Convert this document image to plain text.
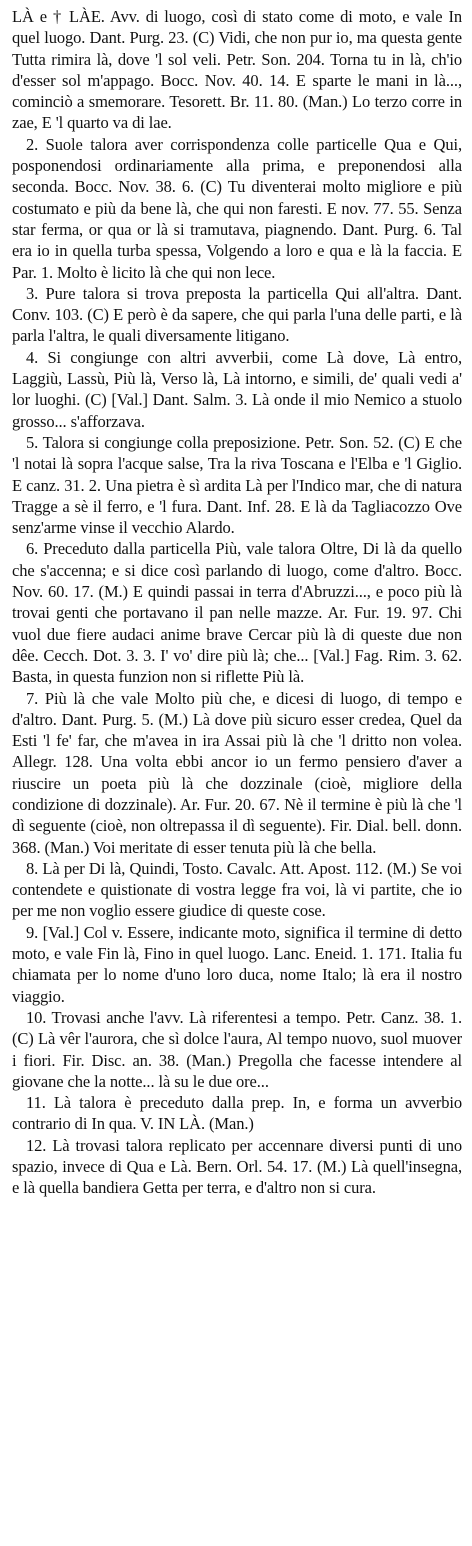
LÀ e † LÀE. Avv. di luogo, così di stato come di moto, e vale In quel luogo. Dant. Purg. 23. (C) Vidi, che non pur io, ma questa gente Tutta rimira là, dove 'l sol veli. Petr. Son. 204. Torna tu in là, ch'io d'esser sol m'appago. Bocc. Nov. 40. 14. E sparte le mani in là..., cominciò a smemorare. Tesorett. Br. 11. 80. (Man.) Lo terzo corre in zae, E 'l quarto va di lae.

2. Suole talora aver corrispondenza colle particelle Qua e Qui, posponendosi ordinariamente alla prima, e preponendosi alla seconda. Bocc. Nov. 38. 6. (C) Tu diventerai molto migliore e più costumato e più da bene là, che qui non faresti. E nov. 77. 55. Senza star ferma, or qua or là si tramutava, piagnendo. Dant. Purg. 6. Tal era io in quella turba spessa, Volgendo a loro e qua e là la faccia. E Par. 1. Molto è licito là che qui non lece.

3. Pure talora si trova preposta la particella Qui all'altra. Dant. Conv. 103. (C) E però è da sapere, che qui parla l'una delle parti, e là parla l'altra, le quali diversamente litigano.

4. Si congiunge con altri avverbii, come Là dove, Là entro, Laggiù, Lassù, Più là, Verso là, Là intorno, e simili, de' quali vedi a' lor luoghi. (C) [Val.] Dant. Salm. 3. Là onde il mio Nemico a stuolo grosso... s'afforzava.

5. Talora si congiunge colla preposizione. Petr. Son. 52. (C) E che 'l notai là sopra l'acque salse, Tra la riva Toscana e l'Elba e 'l Giglio. E canz. 31. 2. Una pietra è sì ardita Là per l'Indico mar, che di natura Tragge a sè il ferro, e 'l fura. Dant. Inf. 28. E là da Tagliacozzo Ove senz'arme vinse il vecchio Alardo.

6. Preceduto dalla particella Più, vale talora Oltre, Di là da quello che s'accenna; e si dice così parlando di luogo, come d'altro. Bocc. Nov. 60. 17. (M.) E quindi passai in terra d'Abruzzi..., e poco più là trovai genti che portavano il pan nelle mazze. Ar. Fur. 19. 97. Chi vuol due fiere audaci anime brave Cercar più là di queste due non dêe. Cecch. Dot. 3. 3. I' vo' dire più là; che... [Val.] Fag. Rim. 3. 62. Basta, in questa funzion non si riflette Più là.

7. Più là che vale Molto più che, e dicesi di luogo, di tempo e d'altro. Dant. Purg. 5. (M.) Là dove più sicuro esser credea, Quel da Esti 'l fe' far, che m'avea in ira Assai più là che 'l dritto non volea. Allegr. 128. Una volta ebbi ancor io un fermo pensiero d'aver a riuscire un poeta più là che dozzinale (cioè, migliore della condizione di dozzinale). Ar. Fur. 20. 67. Nè il termine è più là che 'l dì seguente (cioè, non oltrepassa il dì seguente). Fir. Dial. bell. donn. 368. (Man.) Voi meritate di esser tenuta più là che bella.

8. Là per Di là, Quindi, Tosto. Cavalc. Att. Apost. 112. (M.) Se voi contendete e quistionate di vostra legge fra voi, là vi partite, che io per me non voglio essere giudice di queste cose.

9. [Val.] Col v. Essere, indicante moto, significa il termine di detto moto, e vale Fin là, Fino in quel luogo. Lanc. Eneid. 1. 171. Italia fu chiamata per lo nome d'uno loro duca, nome Italo; là era il nostro viaggio.

10. Trovasi anche l'avv. Là riferentesi a tempo. Petr. Canz. 38. 1. (C) Là vêr l'aurora, che sì dolce l'aura, Al tempo nuovo, suol muover i fiori. Fir. Disc. an. 38. (Man.) Pregolla che facesse intendere al giovane che la notte... là su le due ore...

11. Là talora è preceduto dalla prep. In, e forma un avverbio contrario di In qua. V. IN LÀ. (Man.)

12. Là trovasi talora replicato per accennare diversi punti di uno spazio, invece di Qua e Là. Bern. Orl. 54. 17. (M.) Là quell'insegna, e là quella bandiera Getta per terra, e d'altro non si cura.
